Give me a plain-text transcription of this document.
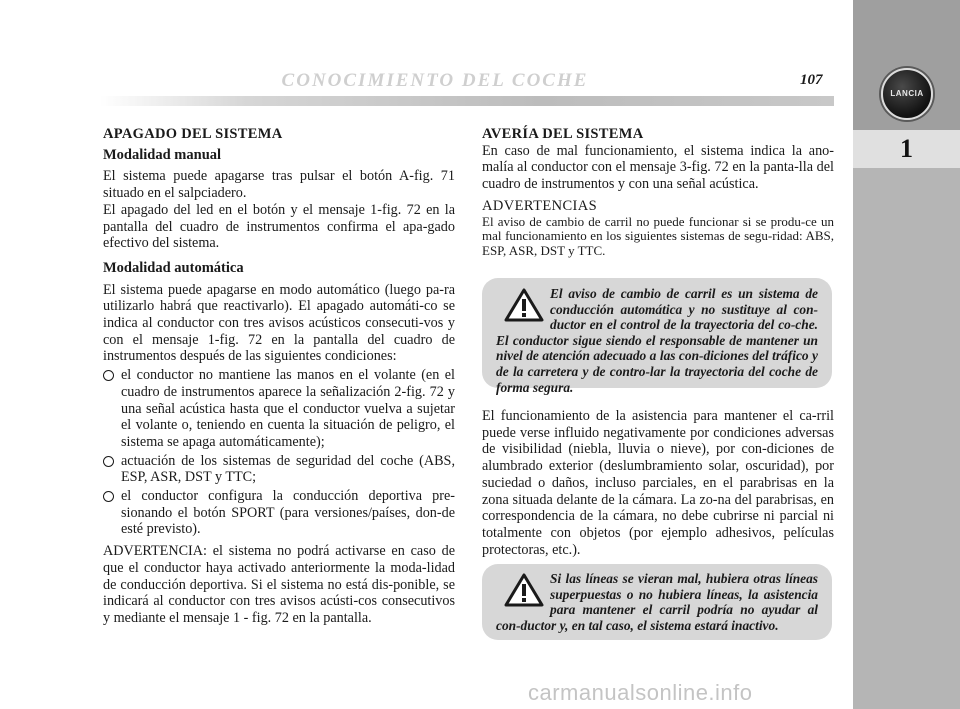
CONOCIMIENTO DEL COCHE	107
LANCIA
1
APAGADO DEL SISTEMA
Modalidad manual

El sistema puede apagarse tras pulsar el botón A-fig. 71 situado en el salpciadero.

El apagado del led en el botón y el mensaje 1-fig. 72 en la pantalla del cuadro de instrumentos confirma el apa-gado efectivo del sistema.

Modalidad automática

El sistema puede apagarse en modo automático (luego pa-ra utilizarlo habrá que reactivarlo). El apagado automáti-co se indica al conductor con tres avisos acústicos consecuti-vos y con el mensaje 1-fig. 72 en la pantalla del cuadro de instrumentos después de las siguientes condiciones:

el conductor no mantiene las manos en el volante (en el cuadro de instrumentos aparece la señalización 2-fig. 72 y una señal acústica hasta que el conductor vuelva a sujetar el volante o, teniendo en cuenta la situación de peligro, el sistema se apaga automáticamente);
actuación de los sistemas de seguridad del coche (ABS, ESP, ASR, DST y TTC;
el conductor configura la conducción deportiva pre-sionando el botón SPORT (para versiones/países, don-de esté previsto).

ADVERTENCIA: el sistema no podrá activarse en caso de que el conductor haya activado anteriormente la moda-lidad de conducción deportiva. Si el sistema no está dis-ponible, se indicará al conductor con tres avisos acústi-cos consecutivos y mediante el mensaje 1 - fig. 72 en la pantalla.

AVERÍA DEL SISTEMA

En caso de mal funcionamiento, el sistema indica la ano-malía al conductor con el mensaje 3-fig. 72 en la panta-lla del cuadro de instrumentos y con una señal acústica.

ADVERTENCIAS

El aviso de cambio de carril no puede funcionar si se produ-ce un mal funcionamiento en los siguientes sistemas de segu-ridad: ABS, ESP, ASR, DST y TTC.

El aviso de cambio de carril es un sistema de conducción automática y no sustituye al con-ductor en el control de la trayectoria del co-che. El conductor sigue siendo el responsable de mantener un nivel de atención adecuado a las con-diciones del tráfico y de la carretera y de contro-lar la trayectoria del coche de forma segura.

El funcionamiento de la asistencia para mantener el ca-rril puede verse influido negativamente por condiciones adversas de visibilidad (niebla, lluvia o nieve), por con-diciones de alumbrado exterior (deslumbramiento solar, oscuridad), por suciedad o daños, incluso parciales, en el parabrisas en la zona situada delante de la cámara. La zo-na del parabrisas, en correspondencia de la cámara, no debe cubrirse ni parcial ni totalmente con objetos (por ejemplo adhesivos, películas protectoras, etc.).

Si las líneas se vieran mal, hubiera otras líneas superpuestas o no hubiera líneas, la asistencia para mantener el carril podría no ayudar al con-ductor y, en tal caso, el sistema estará inactivo.
carmanualsonline.info
